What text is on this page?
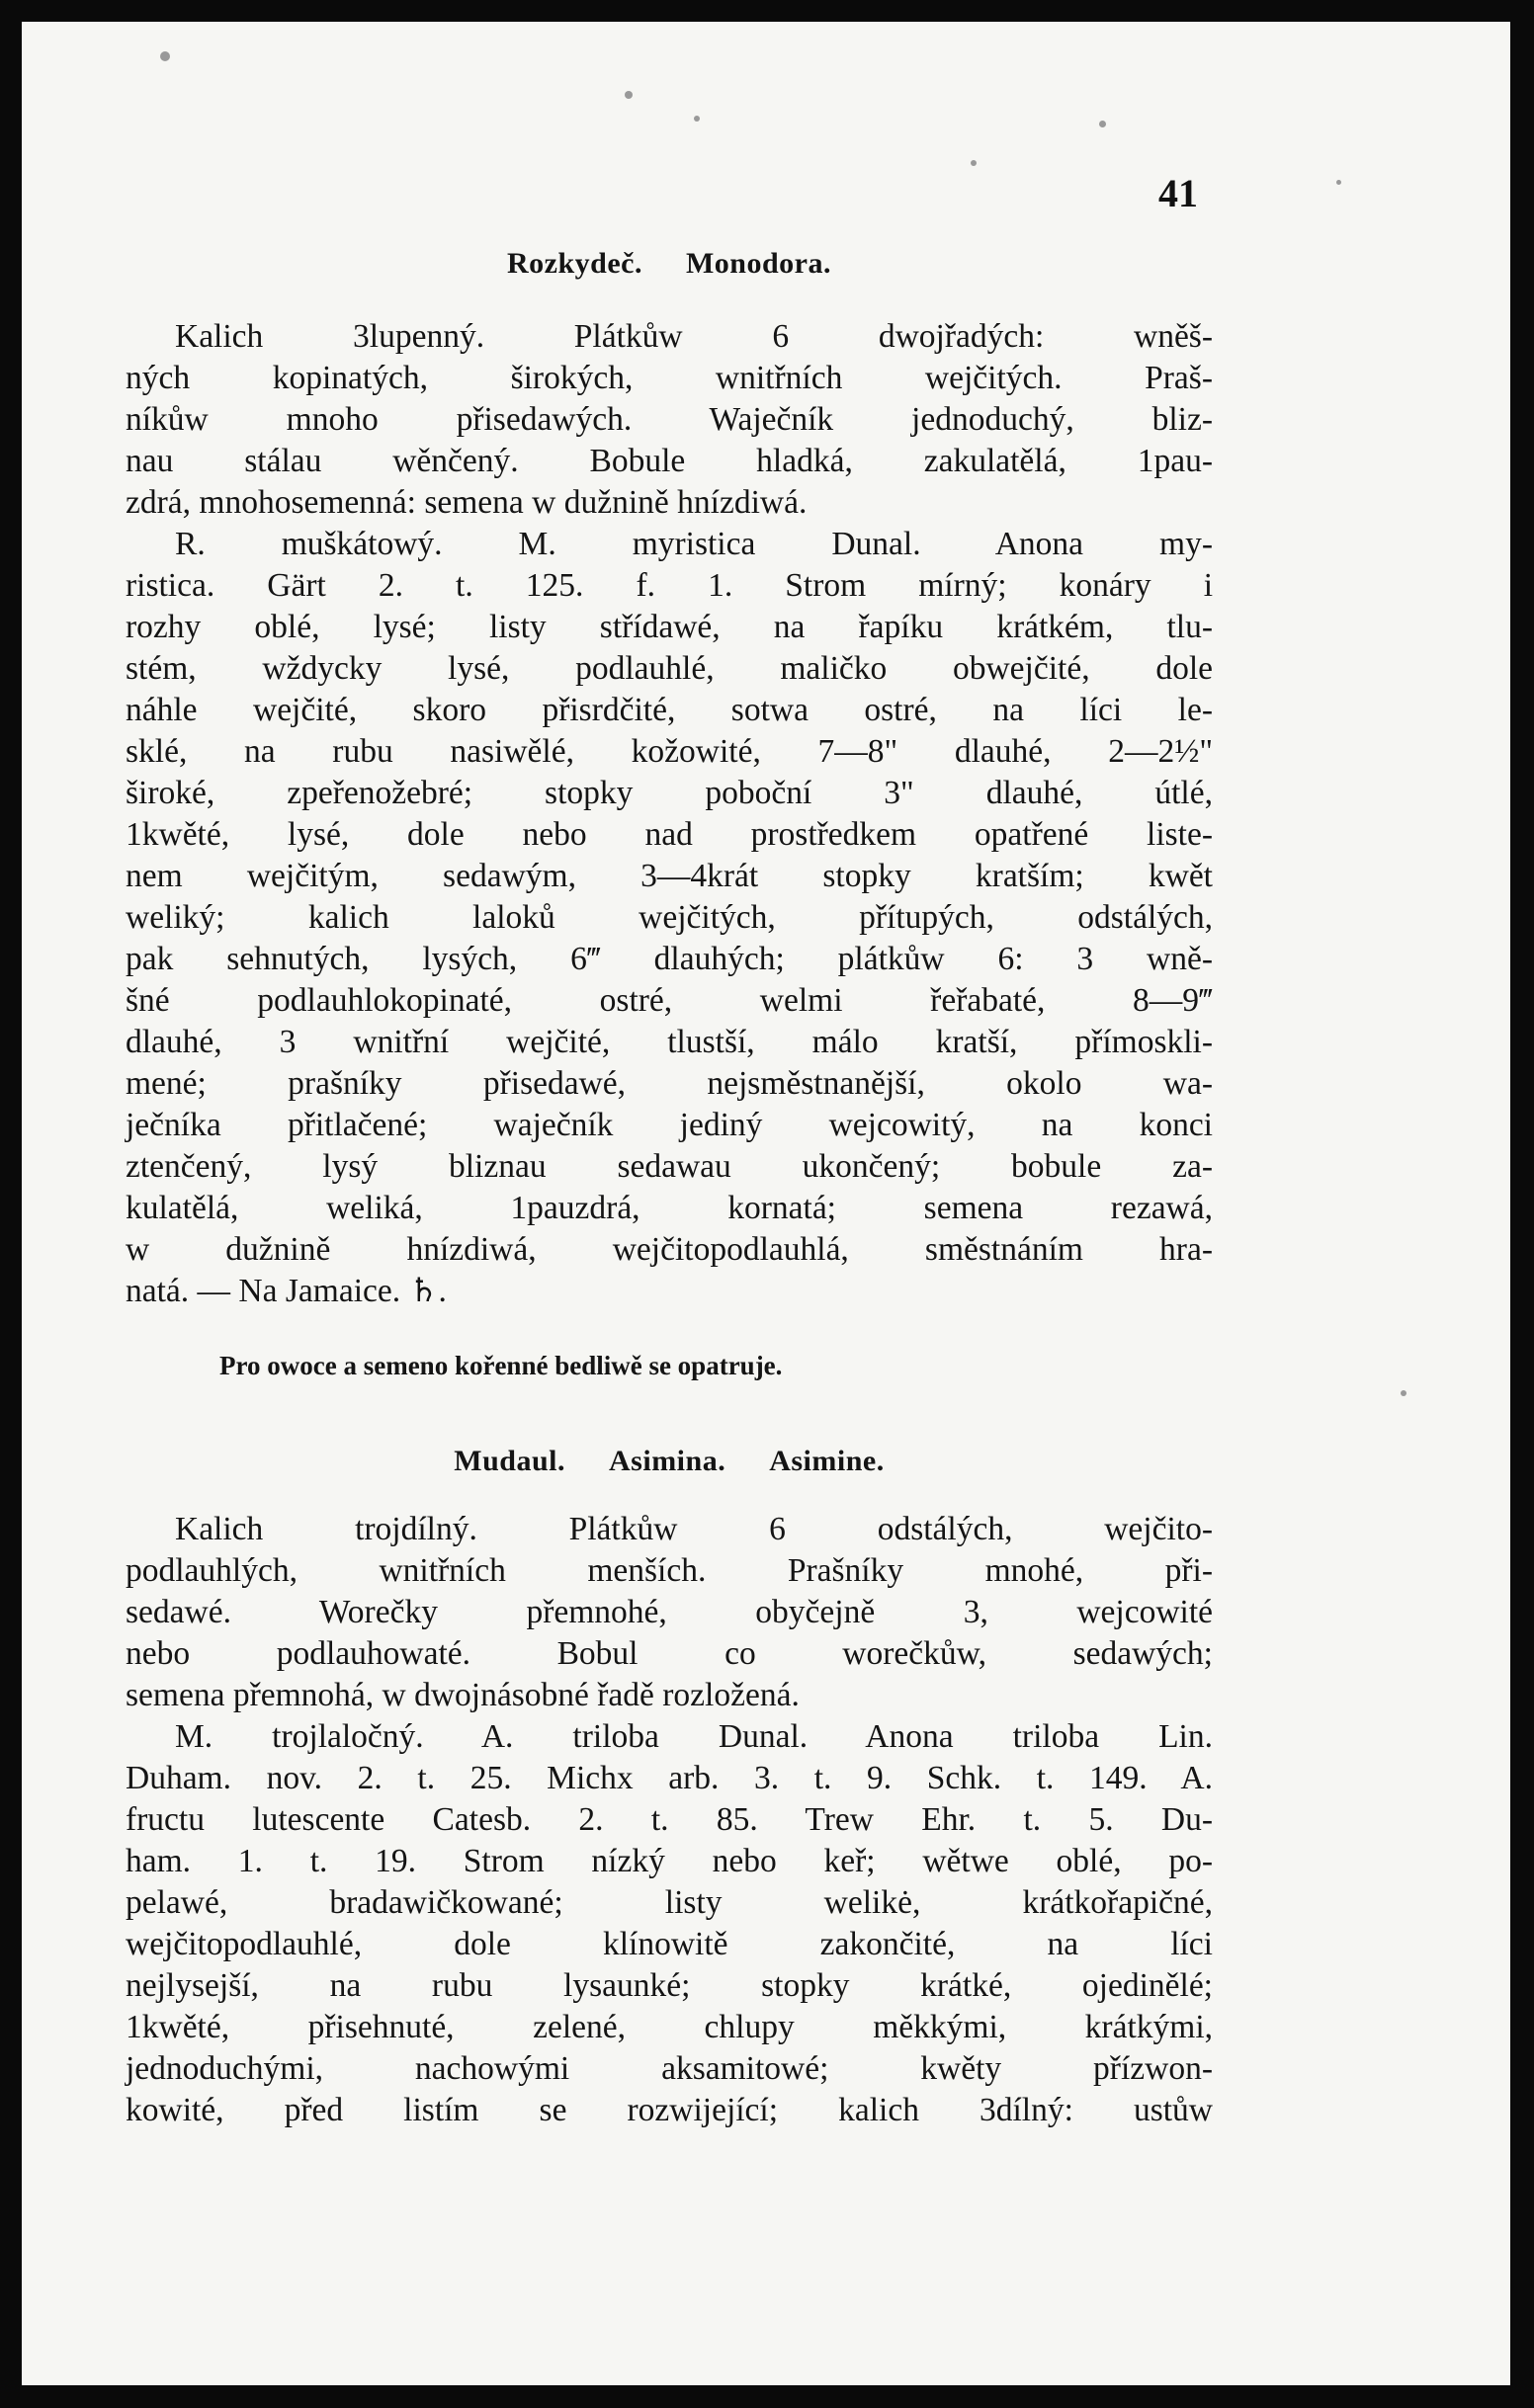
41
Rozkydeč. Monodora.
Kalich 3lupenný. Plátkůw 6 dwojřadých: wněš-
ných kopinatých, širokých, wnitřních wejčitých. Praš-
níkůw mnoho přisedawých. Waječník jednoduchý, bliz-
nau stálau wěnčený. Bobule hladká, zakulatělá, 1pau-
zdrá, mnohosemenná: semena w dužnině hnízdiwá.
R. muškátowý. M. myristica Dunal. Anona my-
ristica. Gärt 2. t. 125. f. 1. Strom mírný; konáry i
rozhy oblé, lysé; listy střídawé, na řapíku krátkém, tlu-
stém, wždycky lysé, podlauhlé, maličko obwejčité, dole
náhle wejčité, skoro přisrdčité, sotwa ostré, na líci le-
sklé, na rubu nasiwělé, kožowité, 7—8" dlauhé, 2—2½"
široké, zpeřenožebré; stopky poboční 3" dlauhé, útlé,
1kwěté, lysé, dole nebo nad prostředkem opatřené liste-
nem wejčitým, sedawým, 3—4krát stopky kratším; kwět
weliký; kalich laloků wejčitých, přítupých, odstálých,
pak sehnutých, lysých, 6‴ dlauhých; plátkůw 6: 3 wně-
šné podlauhlokopinaté, ostré, welmi řeřabaté, 8—9‴
dlauhé, 3 wnitřní wejčité, tlustší, málo kratší, přímoskli-
mené; prašníky přisedawé, nejsměstnanější, okolo wa-
ječníka přitlačené; waječník jediný wejcowitý, na konci
ztenčený, lysý bliznau sedawau ukončený; bobule za-
kulatělá, weliká, 1pauzdrá, kornatá; semena rezawá,
w dužnině hnízdiwá, wejčitopodlauhlá, směstnáním hra-
natá. — Na Jamaice. ♄.
Pro owoce a semeno kořenné bedliwě se opatruje.
Mudaul. Asimina. Asiminе.
Kalich trojdílný. Plátkůw 6 odstálých, wejčito-
podlauhlých, wnitřních menších. Prašníky mnohé, při-
sedawé. Worečky přemnohé, obyčejně 3, wejcowité
nebo podlauhowaté. Bobul co worečkůw, sedawých;
semena přemnohá, w dwojnásobné řadě rozložená.
M. trojlaločný. A. triloba Dunal. Anona triloba Lin.
Duham. nov. 2. t. 25. Michx arb. 3. t. 9. Schk. t. 149. A.
fructu lutescente Catesb. 2. t. 85. Trew Ehr. t. 5. Du-
ham. 1. t. 19. Strom nízký nebo keř; wětwe oblé, po-
pelawé, bradawičkowané; listy welikė, krátkořapičné,
wejčitopodlauhlé, dole klínowitě zakončité, na líci
nejlysejší, na rubu lysaunké; stopky krátké, ojedinělé;
1kwěté, přisehnuté, zelené, chlupy měkkými, krátkými,
jednoduchými, nachowými aksamitowé; kwěty přízwon-
kowité, před listím se rozwijející; kalich 3dílný: ustůw
